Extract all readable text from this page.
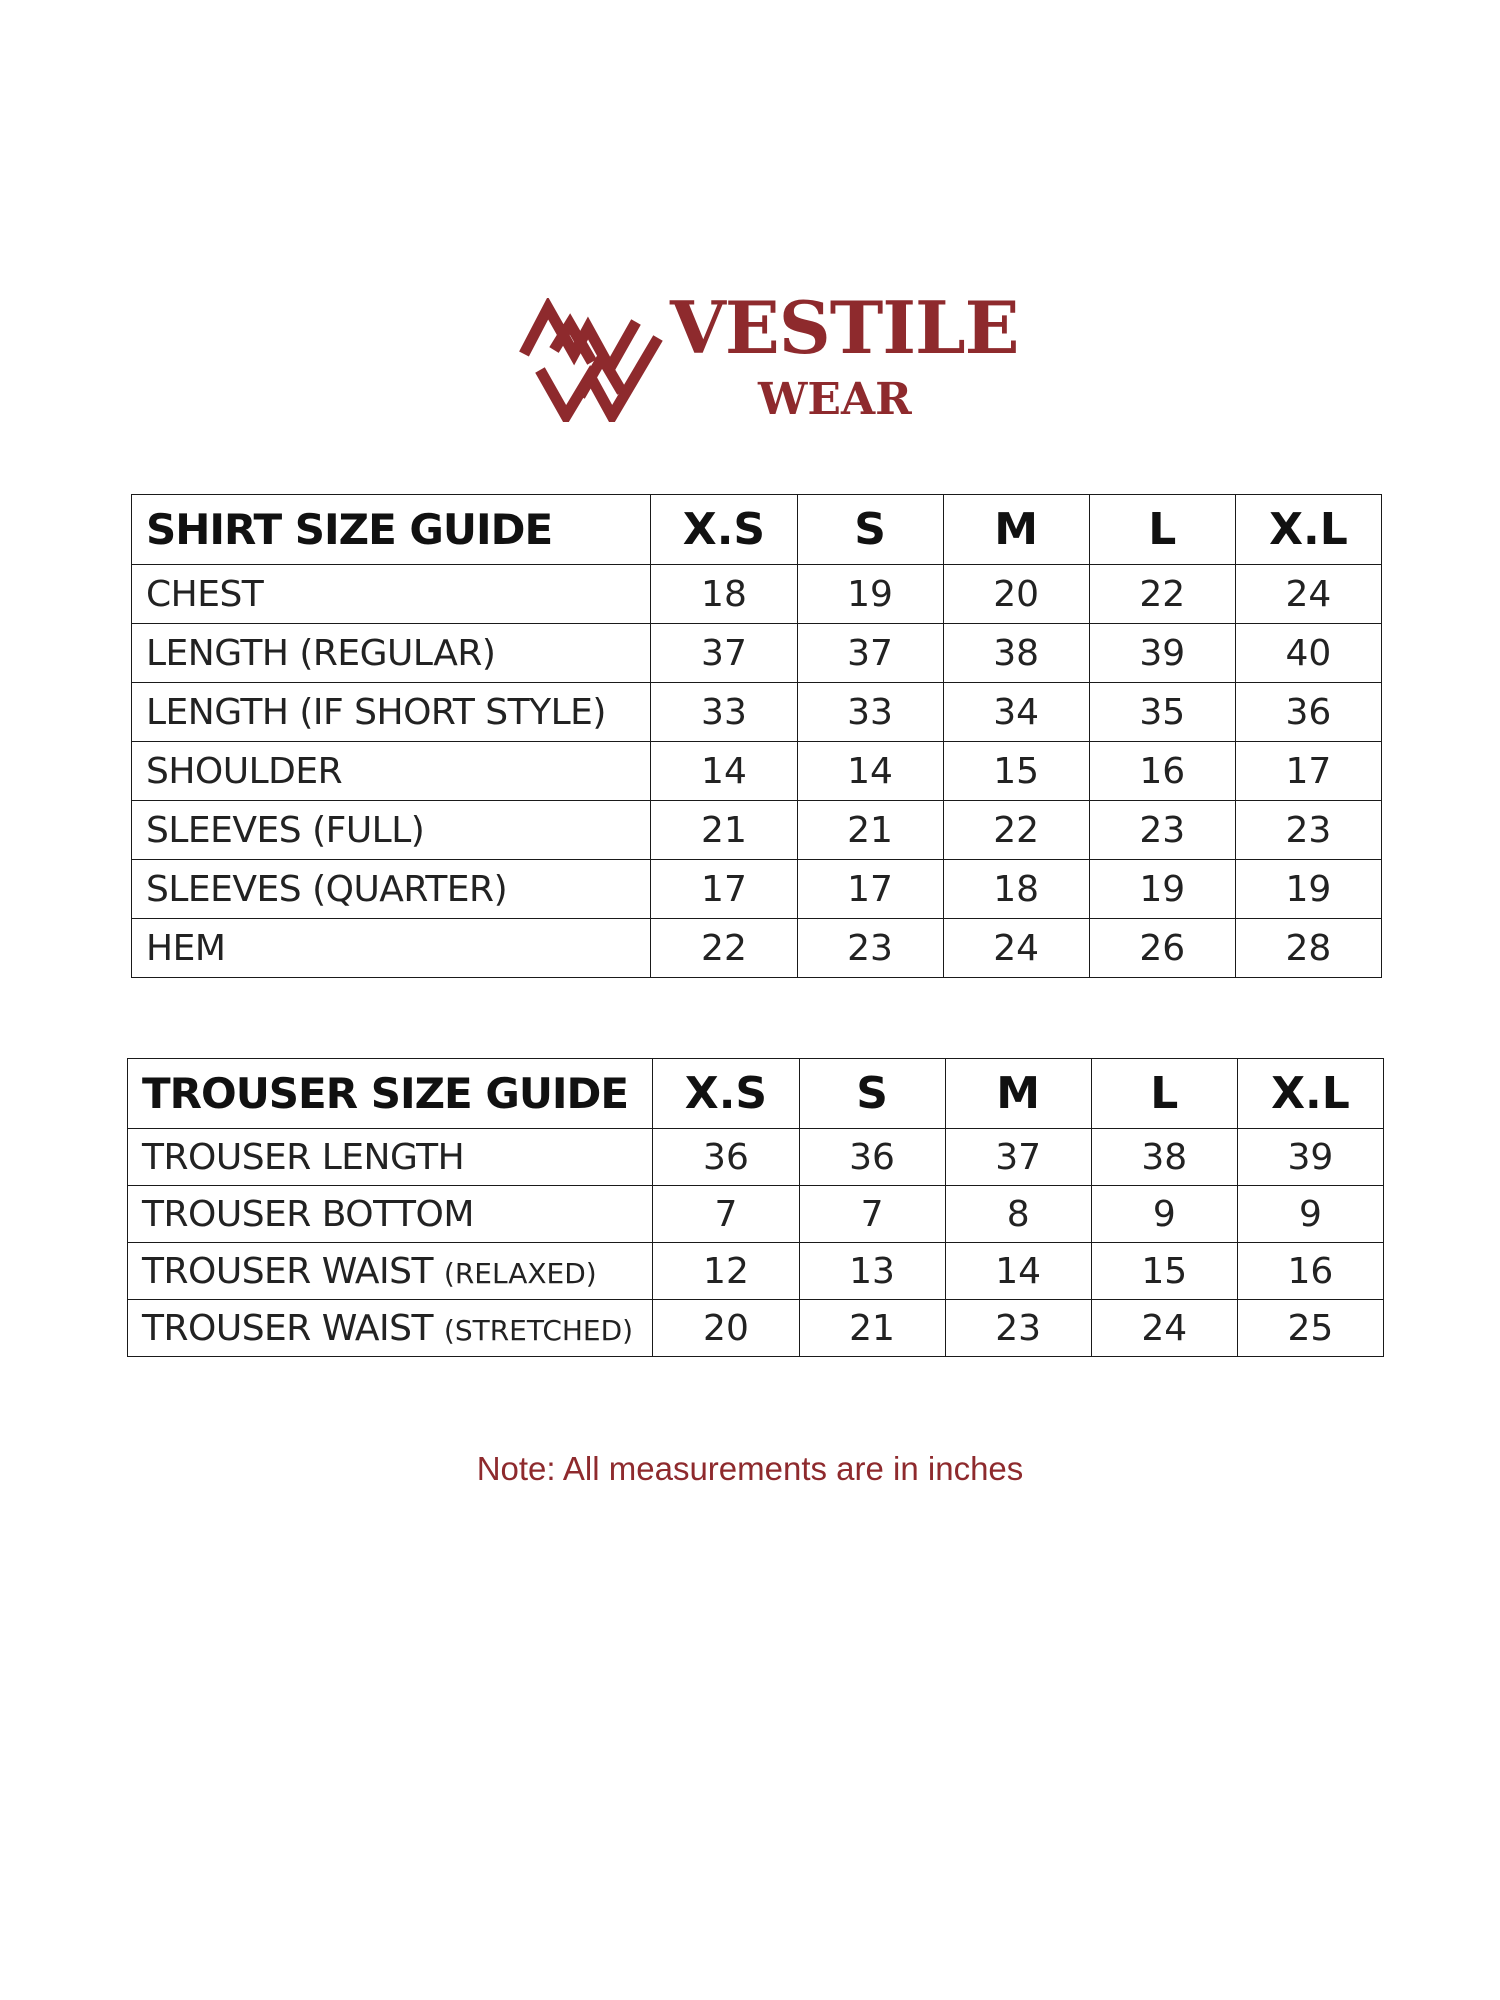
VESTILE
WEAR
SHIRT SIZE GUIDE	X.S	S	M	L	X.L
CHEST	18	19	20	22	24
LENGTH (REGULAR)	37	37	38	39	40
LENGTH (IF SHORT STYLE)	33	33	34	35	36
SHOULDER	14	14	15	16	17
SLEEVES (FULL)	21	21	22	23	23
SLEEVES (QUARTER)	17	17	18	19	19
HEM	22	23	24	26	28
TROUSER SIZE GUIDE	X.S	S	M	L	X.L
TROUSER LENGTH	36	36	37	38	39
TROUSER BOTTOM	7	7	8	9	9
TROUSER WAIST (RELAXED)	12	13	14	15	16
TROUSER WAIST (STRETCHED)	20	21	23	24	25
Note: All measurements are in inches
